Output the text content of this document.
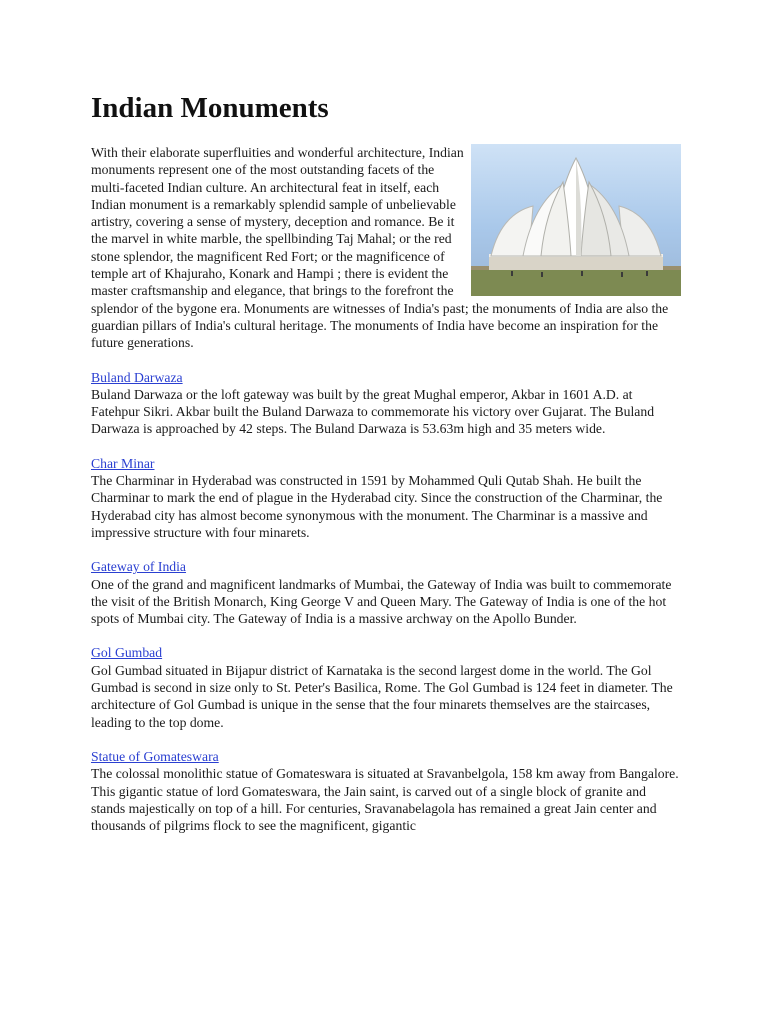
Indian Monuments

With their elaborate superfluities and wonderful architecture, Indian monuments represent one of the most outstanding facets of the multi-faceted Indian culture. An architectural feat in itself, each Indian monument is a remarkably splendid sample of unbelievable artistry, covering a sense of mystery, deception and romance. Be it the marvel in white marble, the spellbinding Taj Mahal; or the red stone splendor, the magnificent Red Fort; or the magnificence of temple art of Khajuraho, Konark and Hampi ; there is evident the master craftsmanship and elegance, that brings to the forefront the splendor of the bygone era. Monuments are witnesses of India's past; the monuments of India are also the guardian pillars of India's cultural heritage. The monuments of India have become an inspiration for the future generations.

Buland Darwaza

Buland Darwaza or the loft gateway was built by the great Mughal emperor, Akbar in 1601 A.D. at Fatehpur Sikri. Akbar built the Buland Darwaza to commemorate his victory over Gujarat. The Buland Darwaza is approached by 42 steps. The Buland Darwaza is 53.63m high and 35 meters wide.

Char Minar

The Charminar in Hyderabad was constructed in 1591 by Mohammed Quli Qutab Shah. He built the Charminar to mark the end of plague in the Hyderabad city. Since the construction of the Charminar, the Hyderabad city has almost become synonymous with the monument. The Charminar is a massive and impressive structure with four minarets.

Gateway of India

One of the grand and magnificent landmarks of Mumbai, the Gateway of India was built to commemorate the visit of the British Monarch, King George V and Queen Mary. The Gateway of India is one of the hot spots of Mumbai city. The Gateway of India is a massive archway on the Apollo Bunder.

Gol Gumbad

Gol Gumbad situated in Bijapur district of Karnataka is the second largest dome in the world. The Gol Gumbad is second in size only to St. Peter's Basilica, Rome. The Gol Gumbad is 124 feet in diameter. The architecture of Gol Gumbad is unique in the sense that the four minarets themselves are the staircases, leading to the top dome.

Statue of Gomateswara

The colossal monolithic statue of Gomateswara is situated at Sravanbelgola, 158 km away from Bangalore. This gigantic statue of lord Gomateswara, the Jain saint, is carved out of a single block of granite and stands majestically on top of a hill. For centuries, Sravanabelagola has remained a great Jain center and thousands of pilgrims flock to see the magnificent, gigantic
